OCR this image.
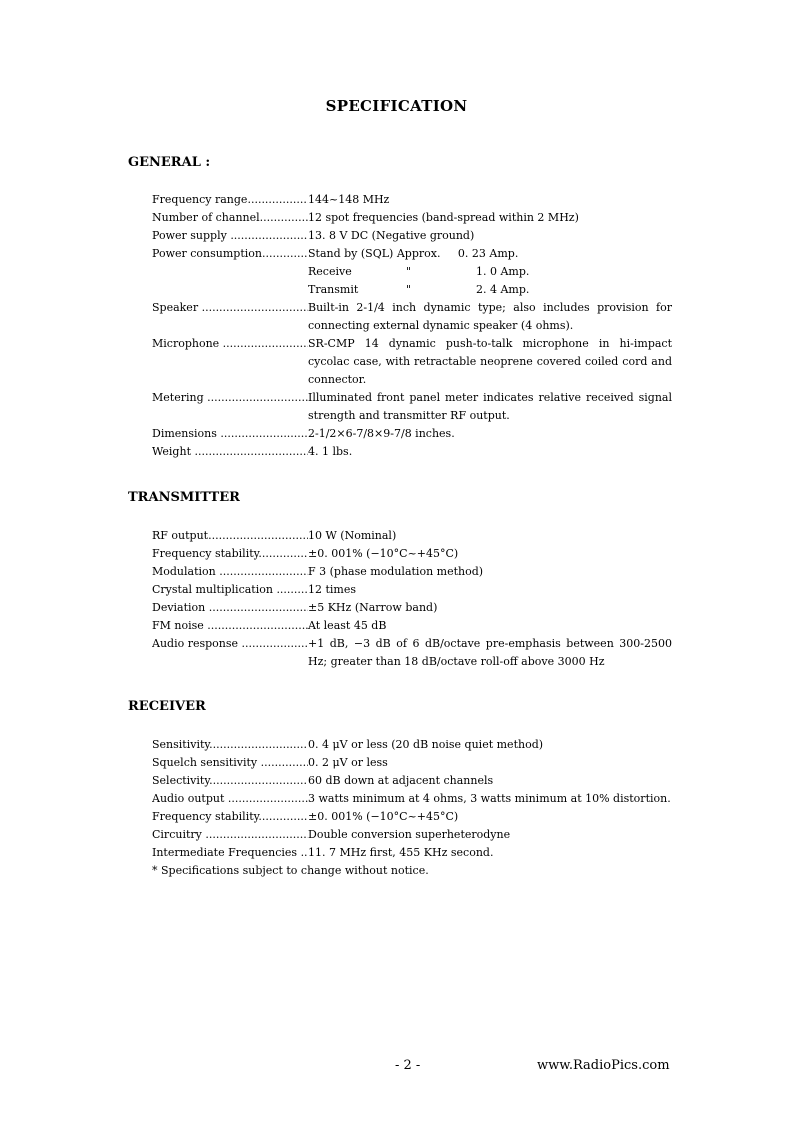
SPECIFICATION
GENERAL :
Frequency range .....	144~148 MHz
Number of channel .....	12 spot frequencies (band-spread within 2 MHz)
Power supply .....	13. 8 V DC (Negative ground)
Power consumption .....	Stand by (SQL) Approx.     0. 23 Amp.
Receive	"	1. 0 Amp.
Transmit	"	2. 4 Amp.
Speaker .....	Built-in 2-1/4 inch dynamic type; also includes provision for connecting external dynamic speaker (4 ohms).
Microphone .....	SR-CMP 14 dynamic push-to-talk microphone in hi-impact cycolac case, with retractable neoprene covered coiled cord and connector.
Metering .....	Illuminated front panel meter indicates relative received signal strength and transmitter RF output.
Dimensions .....	2-1/2×6-7/8×9-7/8 inches.
Weight .....	4. 1 lbs.
TRANSMITTER
RF output .....	10 W (Nominal)
Frequency stability .....	±0. 001% (−10°C~+45°C)
Modulation .....	F 3 (phase modulation method)
Crystal multiplication .....	12 times
Deviation .....	±5 KHz (Narrow band)
FM noise .....	At least 45 dB
Audio response .....	+1 dB, −3 dB of 6 dB/octave pre-emphasis between 300-2500 Hz; greater than 18 dB/octave roll-off above 3000 Hz
RECEIVER
Sensitivity .....	0. 4 μV or less (20 dB noise quiet method)
Squelch sensitivity .....	0. 2 μV or less
Selectivity .....	60 dB down at adjacent channels
Audio output .....	3 watts minimum at 4 ohms, 3 watts minimum at 10% distortion.
Frequency stability .....	±0. 001% (−10°C~+45°C)
Circuitry .....	Double conversion superheterodyne
Intermediate Frequencies ..... 11. 7 MHz first, 455 KHz second.
* Specifications subject to change without notice.
- 2 -	www.RadioPics.com
